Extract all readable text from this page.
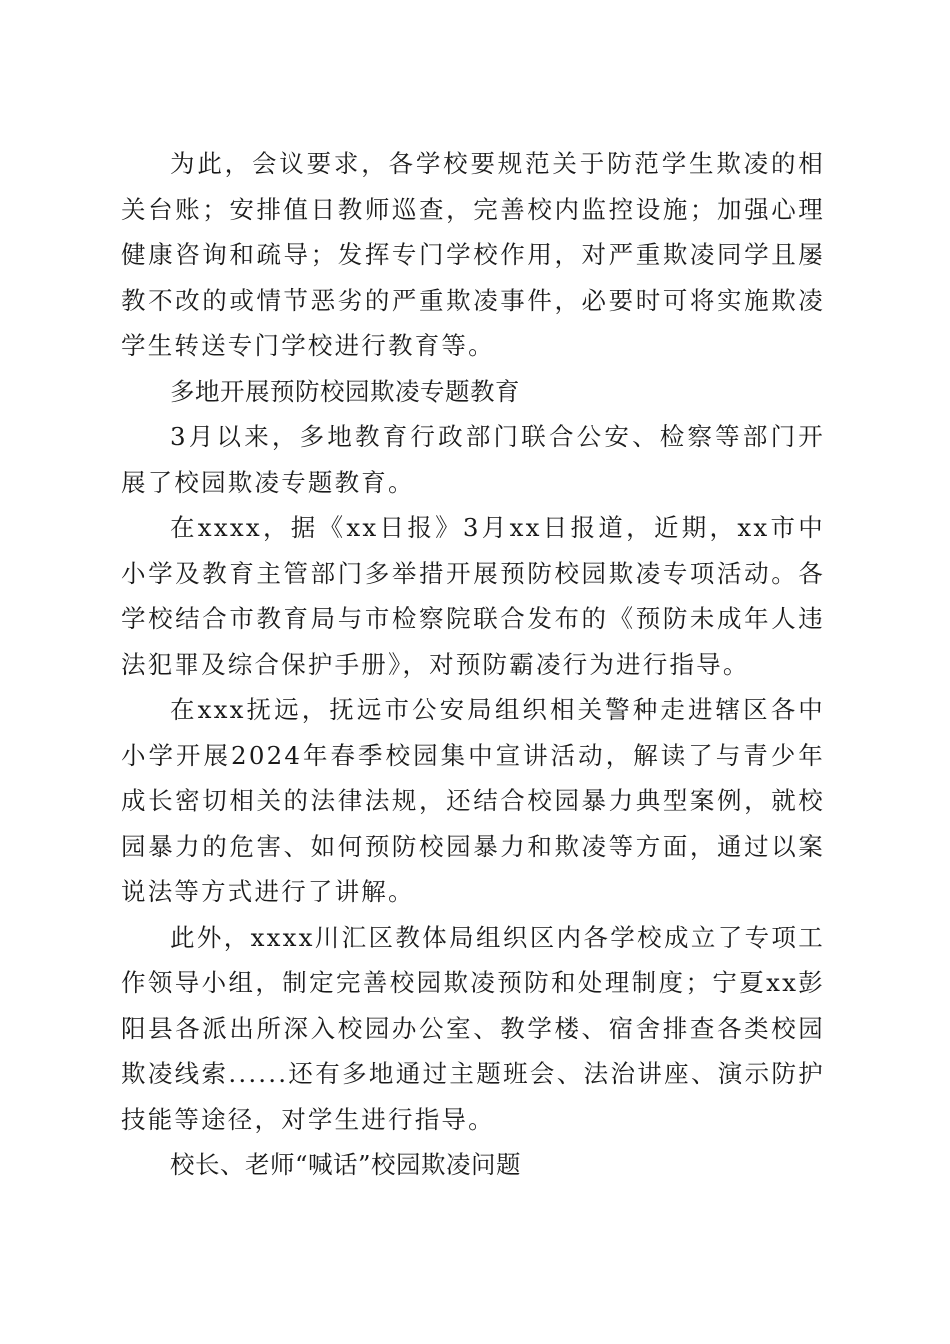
为此，会议要求，各学校要规范关于防范学生欺凌的相关台账；安排值日教师巡查，完善校内监控设施；加强心理健康咨询和疏导；发挥专门学校作用，对严重欺凌同学且屡教不改的或情节恶劣的严重欺凌事件，必要时可将实施欺凌学生转送专门学校进行教育等。

多地开展预防校园欺凌专题教育

3月以来，多地教育行政部门联合公安、检察等部门开展了校园欺凌专题教育。

在xxxx，据《xx日报》3月xx日报道，近期，xx市中小学及教育主管部门多举措开展预防校园欺凌专项活动。各学校结合市教育局与市检察院联合发布的《预防未成年人违法犯罪及综合保护手册》，对预防霸凌行为进行指导。

在xxx抚远，抚远市公安局组织相关警种走进辖区各中小学开展2024年春季校园集中宣讲活动，解读了与青少年成长密切相关的法律法规，还结合校园暴力典型案例，就校园暴力的危害、如何预防校园暴力和欺凌等方面，通过以案说法等方式进行了讲解。

此外，xxxx川汇区教体局组织区内各学校成立了专项工作领导小组，制定完善校园欺凌预防和处理制度；宁夏xx彭阳县各派出所深入校园办公室、教学楼、宿舍排查各类校园欺凌线索......还有多地通过主题班会、法治讲座、演示防护技能等途径，对学生进行指导。

校长、老师“喊话”校园欺凌问题
